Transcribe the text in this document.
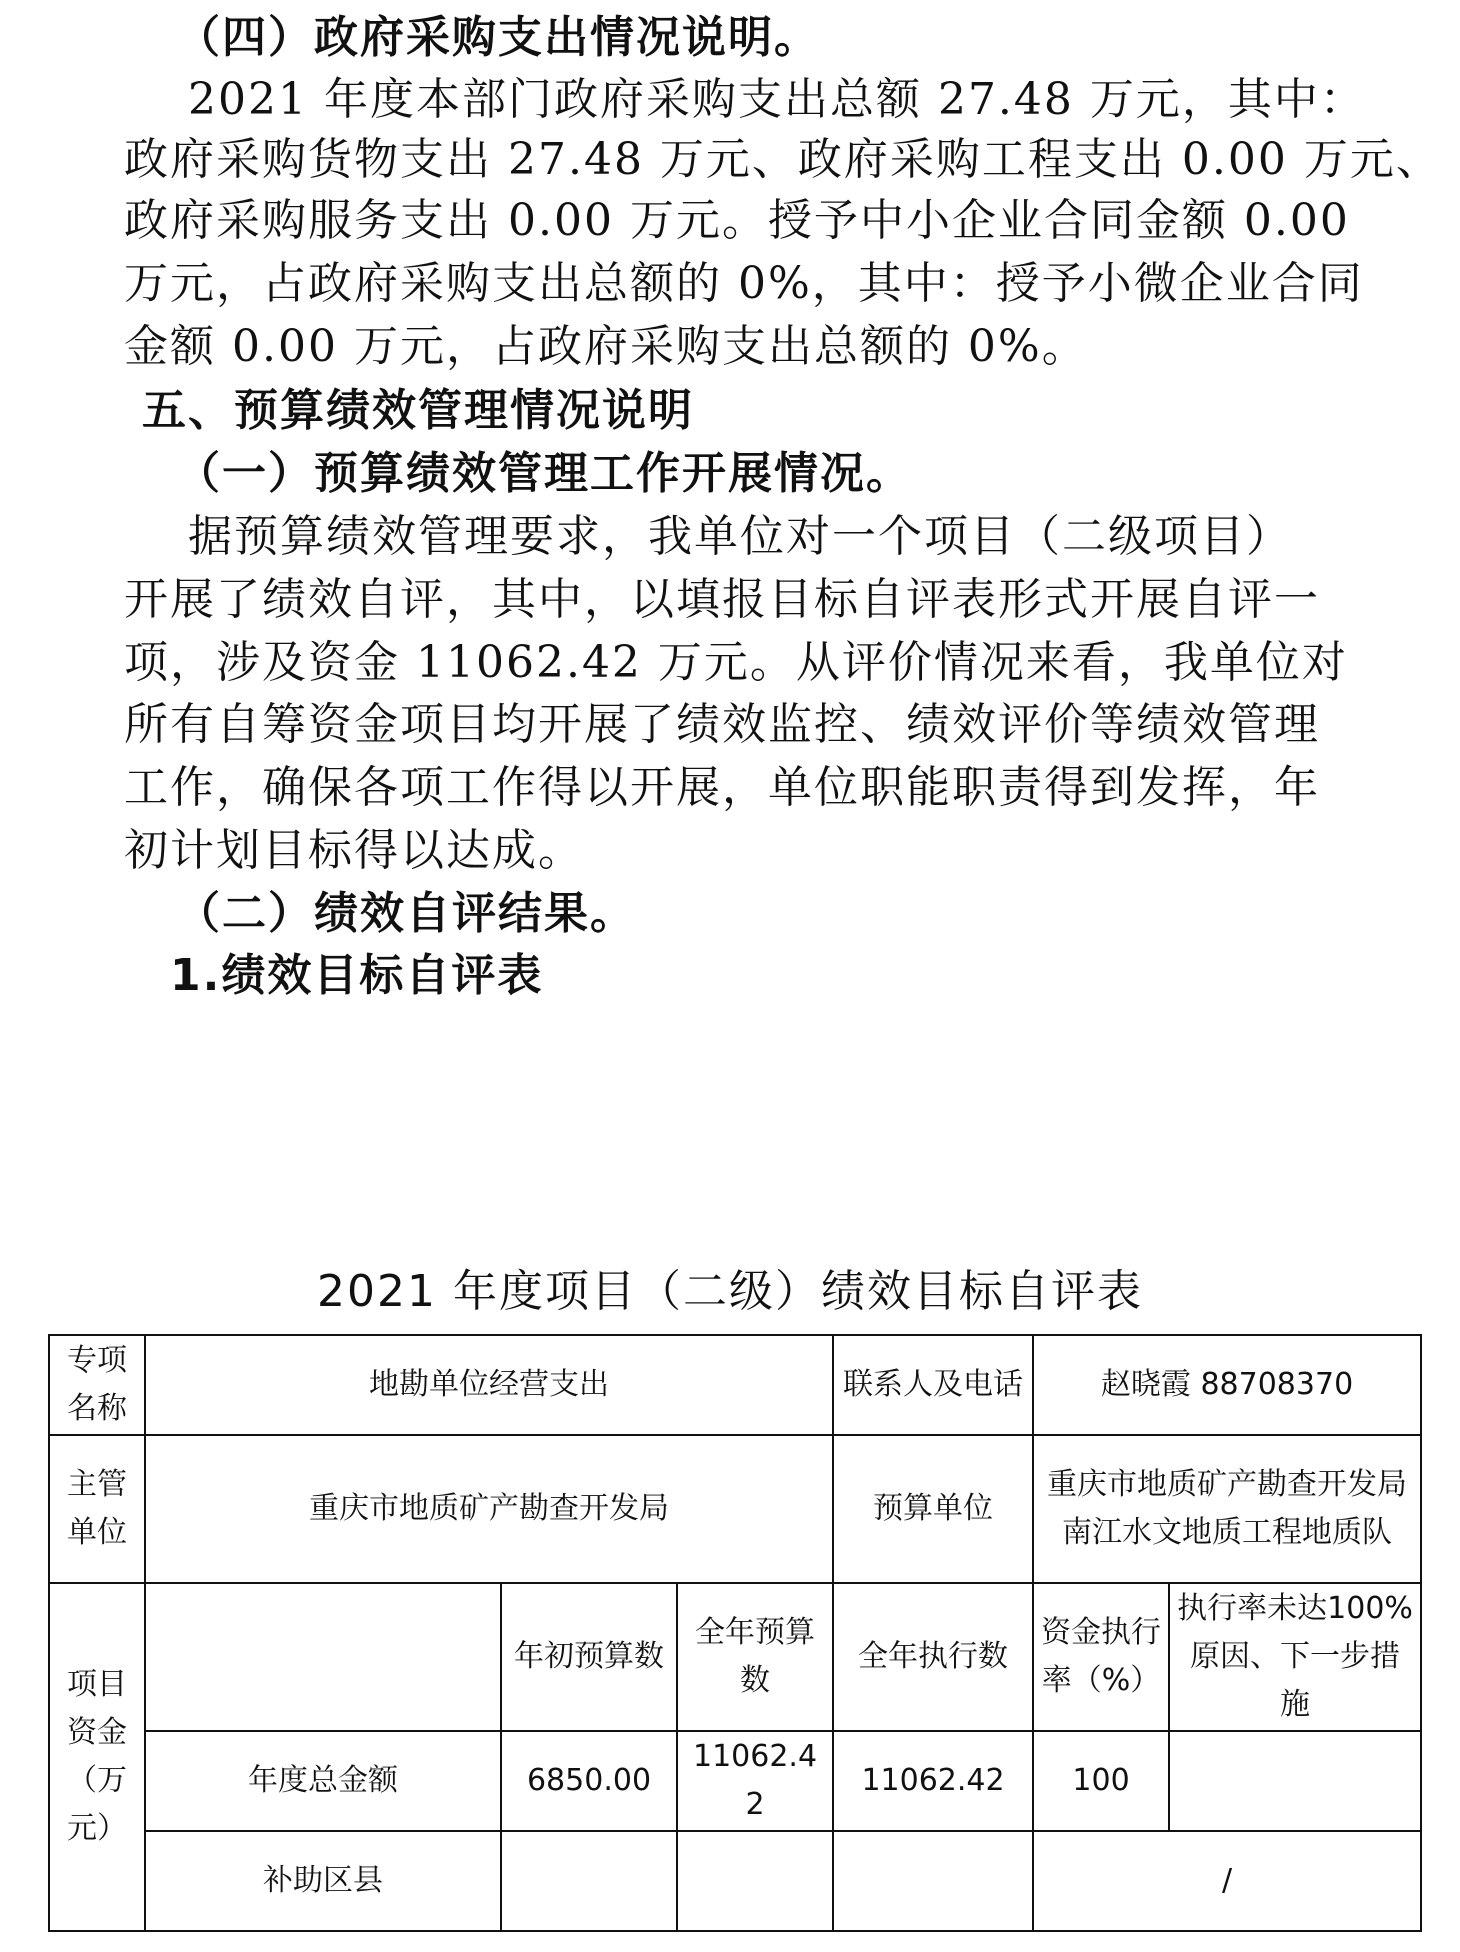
（四）政府采购支出情况说明。
2021 年度本部门政府采购支出总额 27.48 万元，其中：
政府采购货物支出 27.48 万元、政府采购工程支出 0.00 万元、
政府采购服务支出 0.00 万元。授予中小企业合同金额 0.00
万元，占政府采购支出总额的 0%，其中：授予小微企业合同
金额 0.00 万元，占政府采购支出总额的 0%。
五、预算绩效管理情况说明
（一）预算绩效管理工作开展情况。
据预算绩效管理要求，我单位对一个项目（二级项目）
开展了绩效自评，其中，以填报目标自评表形式开展自评一
项，涉及资金 11062.42 万元。从评价情况来看，我单位对
所有自筹资金项目均开展了绩效监控、绩效评价等绩效管理
工作，确保各项工作得以开展，单位职能职责得到发挥，年
初计划目标得以达成。
（二）绩效自评结果。
1.绩效目标自评表
2021 年度项目（二级）绩效目标自评表
专项名称	地勘单位经营支出			联系人及电话	赵晓霞 88708370	
主管单位	重庆市地质矿产勘查开发局			预算单位	重庆市地质矿产勘查开发局南江水文地质工程地质队	
项目资金（万元）		年初预算数	全年预算数	全年执行数	资金执行率（%）	执行率未达100%原因、下一步措施
	年度总金额	6850.00	11062.42	11062.42	100	
	补助区县				/	
